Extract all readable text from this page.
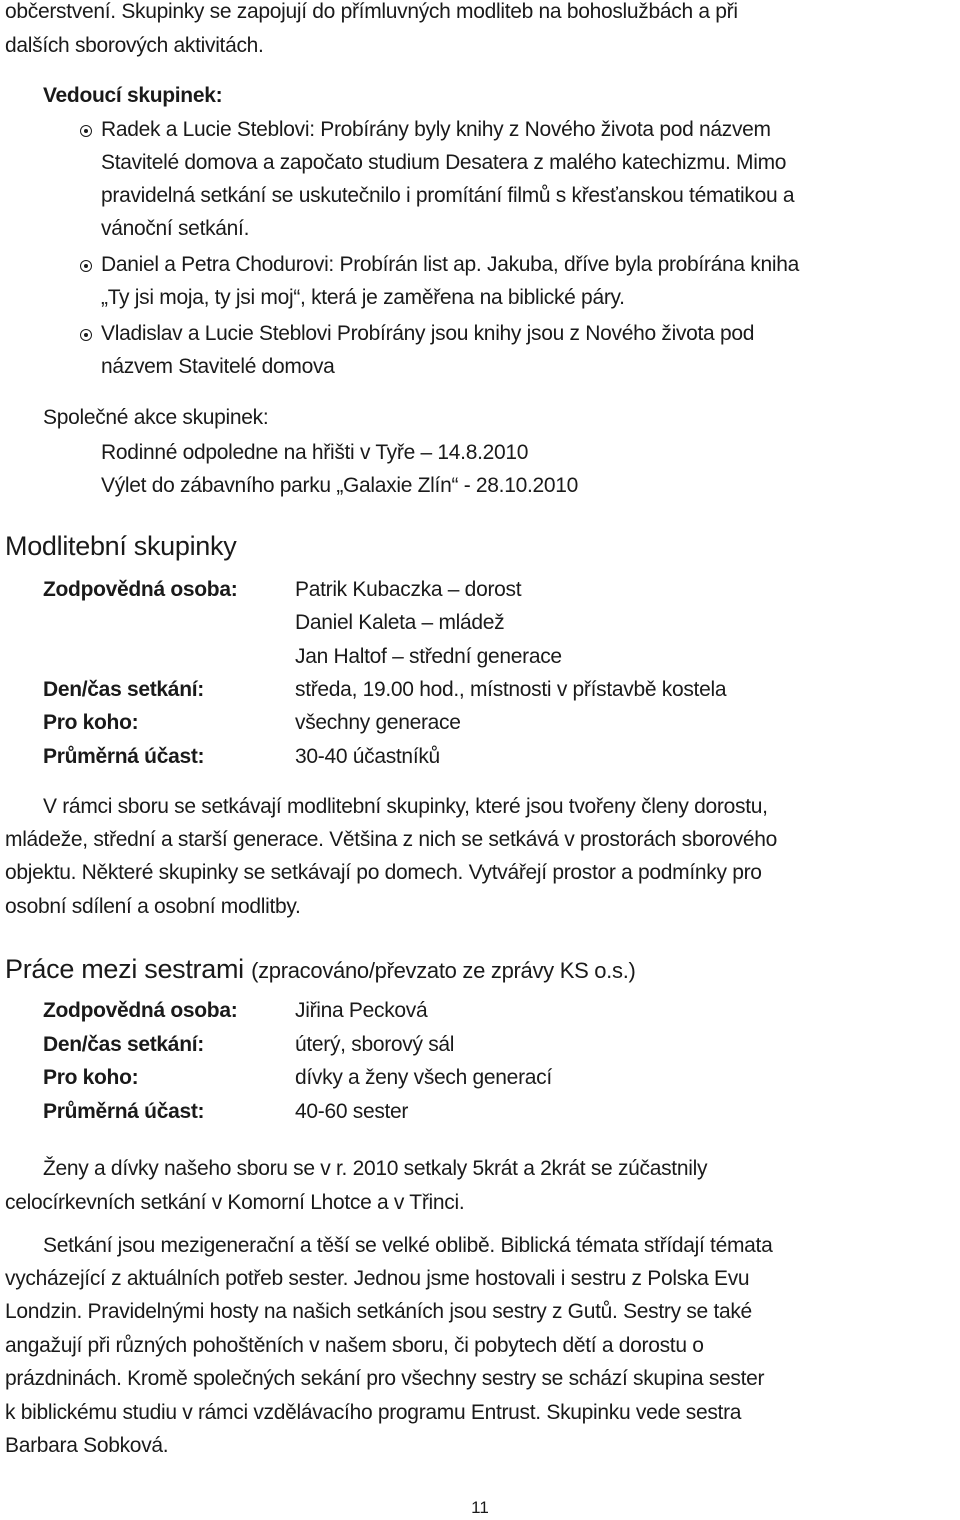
občerstvení. Skupinky se zapojují do přímluvných modliteb na bohoslužbách a při
dalších sborových aktivitách.
Vedoucí skupinek:
Radek a Lucie Steblovi: Probírány byly knihy z Nového života pod názvem
Stavitelé domova a započato studium Desatera z malého katechizmu. Mimo
pravidelná setkání se uskutečnilo i promítání filmů s křesťanskou tématikou a
vánoční setkání.
Daniel a Petra Chodurovi: Probírán list ap. Jakuba, dříve byla probírána kniha
„Ty jsi moja, ty jsi moj“, která je zaměřena na biblické páry.
Vladislav a Lucie Steblovi Probírány jsou knihy jsou z Nového života pod
názvem Stavitelé domova
Společné akce skupinek:
Rodinné odpoledne na hřišti v Tyře – 14.8.2010
Výlet do zábavního parku „Galaxie Zlín“ - 28.10.2010
Modlitební skupinky
Zodpovědná osoba:	Patrik Kubaczka – dorost
Daniel Kaleta – mládež
Jan Haltof – střední generace
Den/čas setkání:	středa, 19.00 hod., místnosti v přístavbě kostela
Pro koho:	všechny generace
Průměrná účast:	30-40 účastníků
V rámci sboru se setkávají modlitební skupinky, které jsou tvořeny členy dorostu,
mládeže, střední a starší generace. Většina z nich se setkává v prostorách sborového
objektu. Některé skupinky se setkávají po domech. Vytvářejí prostor a podmínky pro
osobní sdílení a osobní modlitby.
Práce mezi sestrami (zpracováno/převzato ze zprávy KS o.s.)
Zodpovědná osoba:	Jiřina Pecková
Den/čas setkání:	úterý, sborový sál
Pro koho:	dívky a ženy všech generací
Průměrná účast:	40-60 sester
Ženy a dívky našeho sboru se v r. 2010 setkaly 5krát a 2krát se zúčastnily
celocírkevních setkání v Komorní Lhotce a v Třinci.
Setkání jsou mezigenerační a těší se velké oblibě. Biblická témata střídají témata
vycházející z aktuálních potřeb sester. Jednou jsme hostovali i sestru z Polska Evu
Londzin. Pravidelnými hosty na našich setkáních jsou sestry z Gutů. Sestry se také
angažují při různých pohoštěních v našem sboru, či pobytech dětí a dorostu o
prázdninách. Kromě společných sekání pro všechny sestry se schází skupina sester
k biblickému studiu v rámci vzdělávacího programu Entrust. Skupinku vede sestra
Barbara Sobková.
11
